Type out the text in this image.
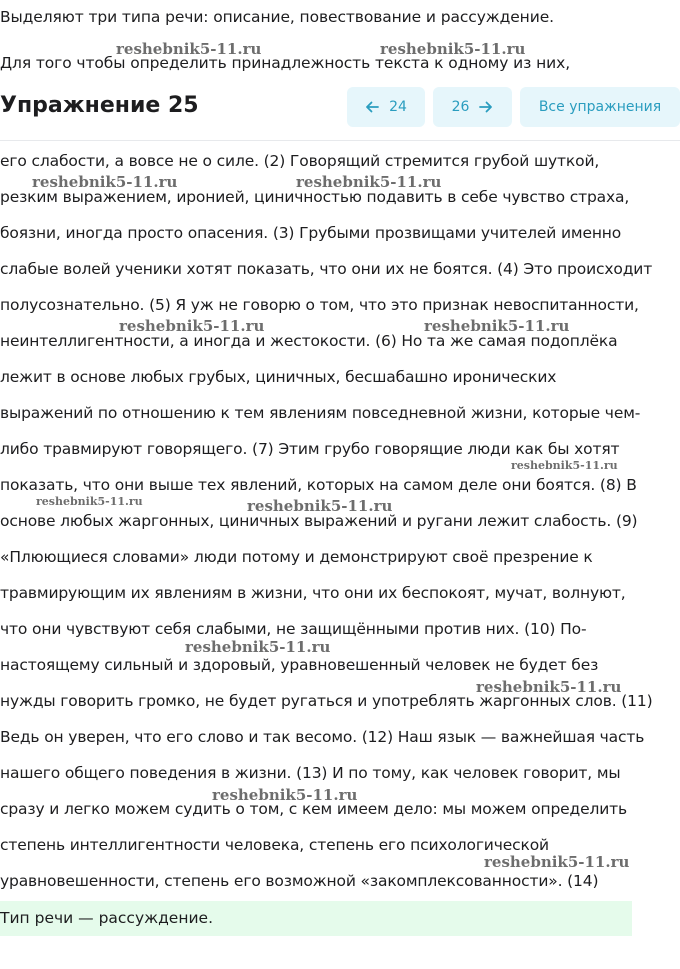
Выделяют три типа речи: описание, повествование и рассуждение.
Для того чтобы определить принадлежность текста к одному из них,
Упражнение 25	24	26	Все упражнения
его слабости, а вовсе не о силе. (2) Говорящий стремится грубой шуткой,
резким выражением, иронией, циничностью подавить в себе чувство страха,
боязни, иногда просто опасения. (3) Грубыми прозвищами учителей именно
слабые волей ученики хотят показать, что они их не боятся. (4) Это происходит
полусознательно. (5) Я уж не говорю о том, что это признак невоспитанности,
неинтеллигентности, а иногда и жестокости. (6) Но та же самая подоплёка
лежит в основе любых грубых, циничных, бесшабашно иронических
выражений по отношению к тем явлениям повседневной жизни, которые чем-
либо травмируют говорящего. (7) Этим грубо говорящие люди как бы хотят
показать, что они выше тех явлений, которых на самом деле они боятся. (8) В
основе любых жаргонных, циничных выражений и ругани лежит слабость. (9)
«Плюющиеся словами» люди потому и демонстрируют своё презрение к
травмирующим их явлениям в жизни, что они их беспокоят, мучат, волнуют,
что они чувствуют себя слабыми, не защищёнными против них. (10) По-
настоящему сильный и здоровый, уравновешенный человек не будет без
нужды говорить громко, не будет ругаться и употреблять жаргонных слов. (11)
Ведь он уверен, что его слово и так весомо. (12) Наш язык — важнейшая часть
нашего общего поведения в жизни. (13) И по тому, как человек говорит, мы
сразу и легко можем судить о том, с кем имеем дело: мы можем определить
степень интеллигентности человека, степень его психологической
уравновешенности, степень его возможной «закомплексованности». (14)
Тип речи — рассуждение.
reshebnik5-11.ru	reshebnik5-11.ru
reshebnik5-11.ru	reshebnik5-11.ru
reshebnik5-11.ru	reshebnik5-11.ru
reshebnik5-11.ru
reshebnik5-11.ru	reshebnik5-11.ru
reshebnik5-11.ru
reshebnik5-11.ru
reshebnik5-11.ru
reshebnik5-11.ru
